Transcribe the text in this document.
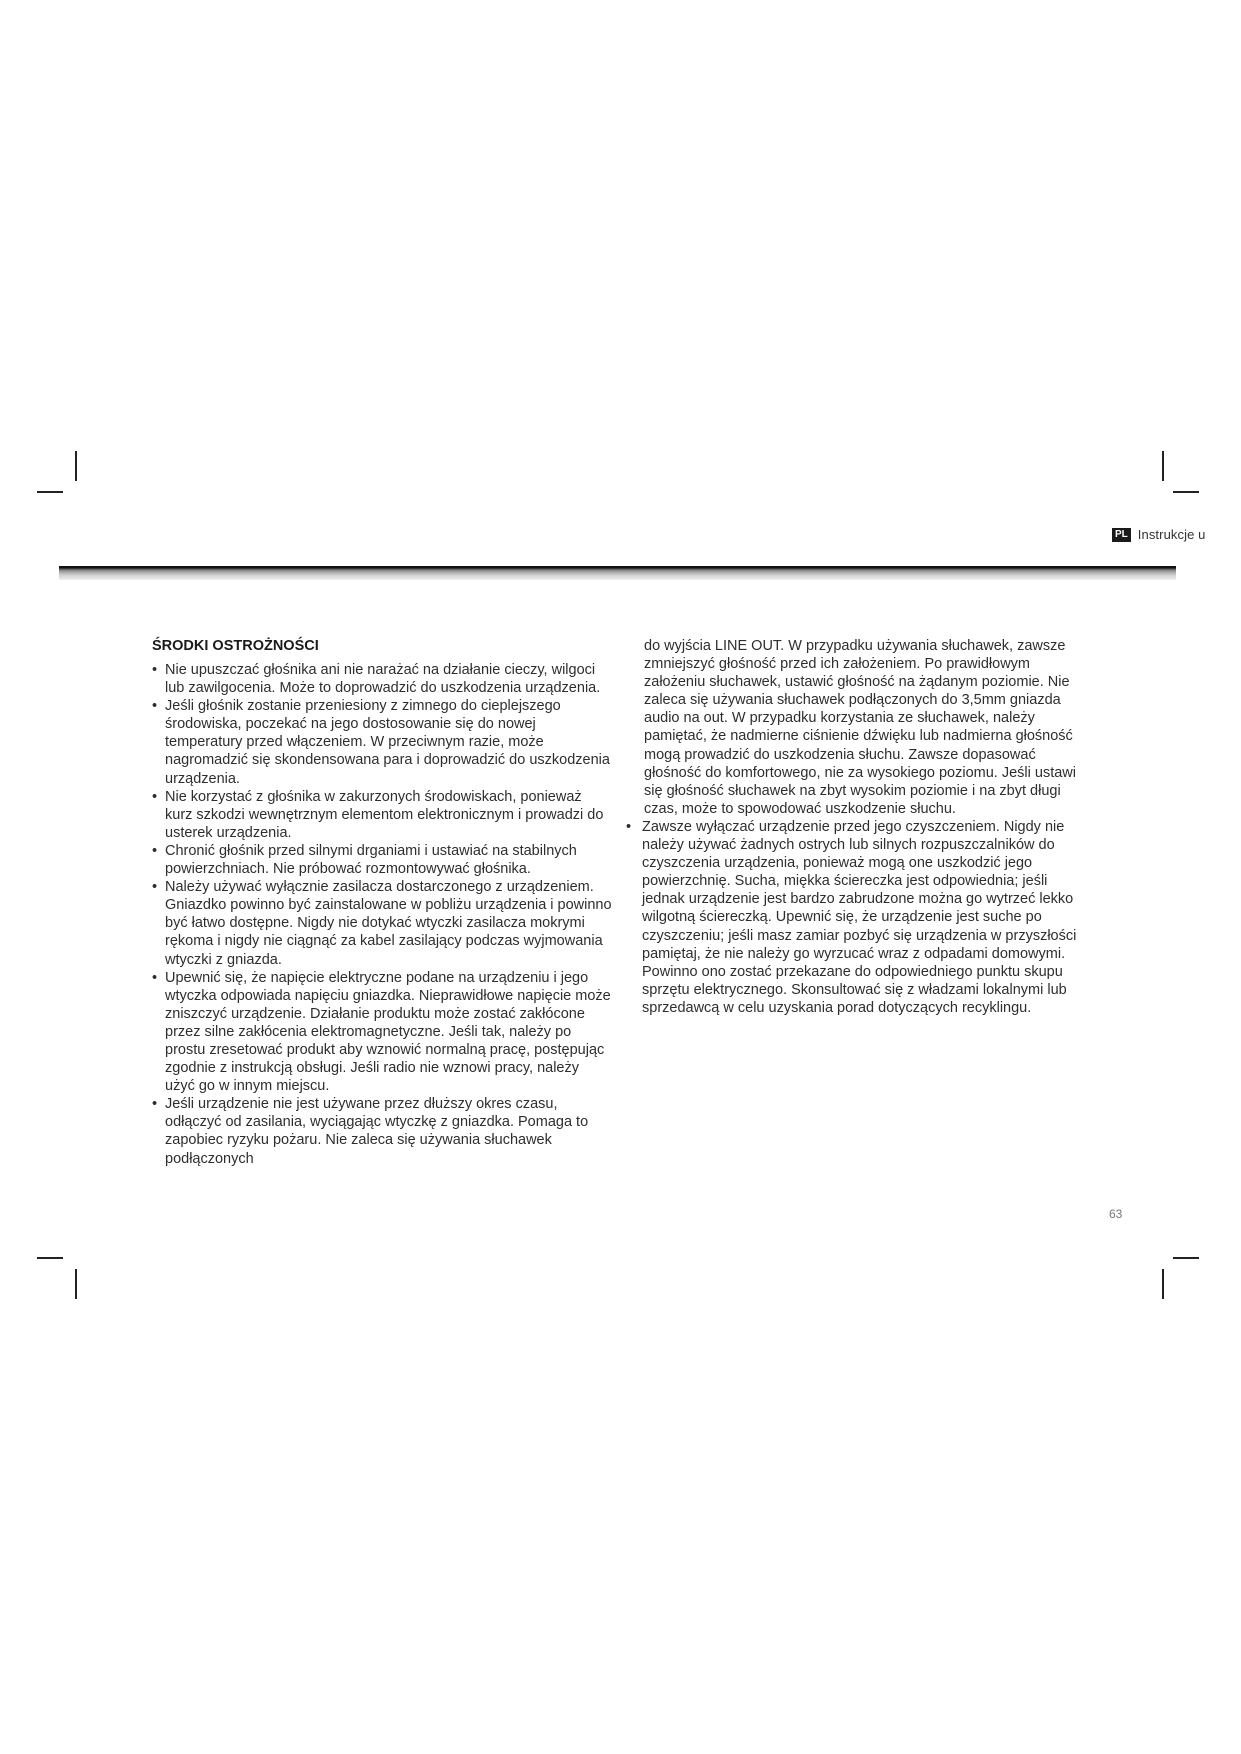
PL Instrukcje u
ŚRODKI OSTROŻNOŚCI
• Nie upuszczać głośnika ani nie narażać na działanie cieczy, wilgoci lub zawilgocenia. Może to doprowadzić do uszkodzenia urządzenia.
• Jeśli głośnik zostanie przeniesiony z zimnego do cieplejszego środowiska, poczekać na jego dostosowanie się do nowej temperatury przed włączeniem. W przeciwnym razie, może nagromadzić się skondensowana para i doprowadzić do uszkodzenia urządzenia.
• Nie korzystać z głośnika w zakurzonych środowiskach, ponieważ kurz szkodzi wewnętrznym elementom elektronicznym i prowadzi do usterek urządzenia.
• Chronić głośnik przed silnymi drganiami i ustawiać na stabilnych powierzchniach. Nie próbować rozmontowywać głośnika.
• Należy używać wyłącznie zasilacza dostarczonego z urządzeniem. Gniazdko powinno być zainstalowane w pobliżu urządzenia i powinno być łatwo dostępne. Nigdy nie dotykać wtyczki zasilacza mokrymi rękoma i nigdy nie ciągnąć za kabel zasilający podczas wyjmowania wtyczki z gniazda.
• Upewnić się, że napięcie elektryczne podane na urządzeniu i jego wtyczka odpowiada napięciu gniazdka. Nieprawidłowe napięcie może zniszczyć urządzenie. Działanie produktu może zostać zakłócone przez silne zakłócenia elektromagnetyczne. Jeśli tak, należy po prostu zresetować produkt aby wznowić normalną pracę, postępując zgodnie z instrukcją obsługi. Jeśli radio nie wznowi pracy, należy użyć go w innym miejscu.
• Jeśli urządzenie nie jest używane przez dłuższy okres czasu, odłączyć od zasilania, wyciągając wtyczkę z gniazdka. Pomaga to zapobiec ryzyku pożaru. Nie zaleca się używania słuchawek podłączonych

do wyjścia LINE OUT. W przypadku używania słuchawek, zawsze zmniejszyć głośność przed ich założeniem. Po prawidłowym założeniu słuchawek, ustawić głośność na żądanym poziomie. Nie zaleca się używania słuchawek podłączonych do 3,5mm gniazda audio na out. W przypadku korzystania ze słuchawek, należy pamiętać, że nadmierne ciśnienie dźwięku lub nadmierna głośność mogą prowadzić do uszkodzenia słuchu. Zawsze dopasować głośność do komfortowego, nie za wysokiego poziomu. Jeśli ustawi się głośność słuchawek na zbyt wysokim poziomie i na zbyt długi czas, może to spowodować uszkodzenie słuchu.

• Zawsze wyłączać urządzenie przed jego czyszczeniem. Nigdy nie należy używać żadnych ostrych lub silnych rozpuszczalników do czyszczenia urządzenia, ponieważ mogą one uszkodzić jego powierzchnię. Sucha, miękka ściereczka jest odpowiednia; jeśli jednak urządzenie jest bardzo zabrudzone można go wytrzeć lekko wilgotną ściereczką. Upewnić się, że urządzenie jest suche po czyszczeniu; jeśli masz zamiar pozbyć się urządzenia w przyszłości pamiętaj, że nie należy go wyrzucać wraz z odpadami domowymi. Powinno ono zostać przekazane do odpowiedniego punktu skupu sprzętu elektrycznego. Skonsultować się z władzami lokalnymi lub sprzedawcą w celu uzyskania porad dotyczących recyklingu.
63
